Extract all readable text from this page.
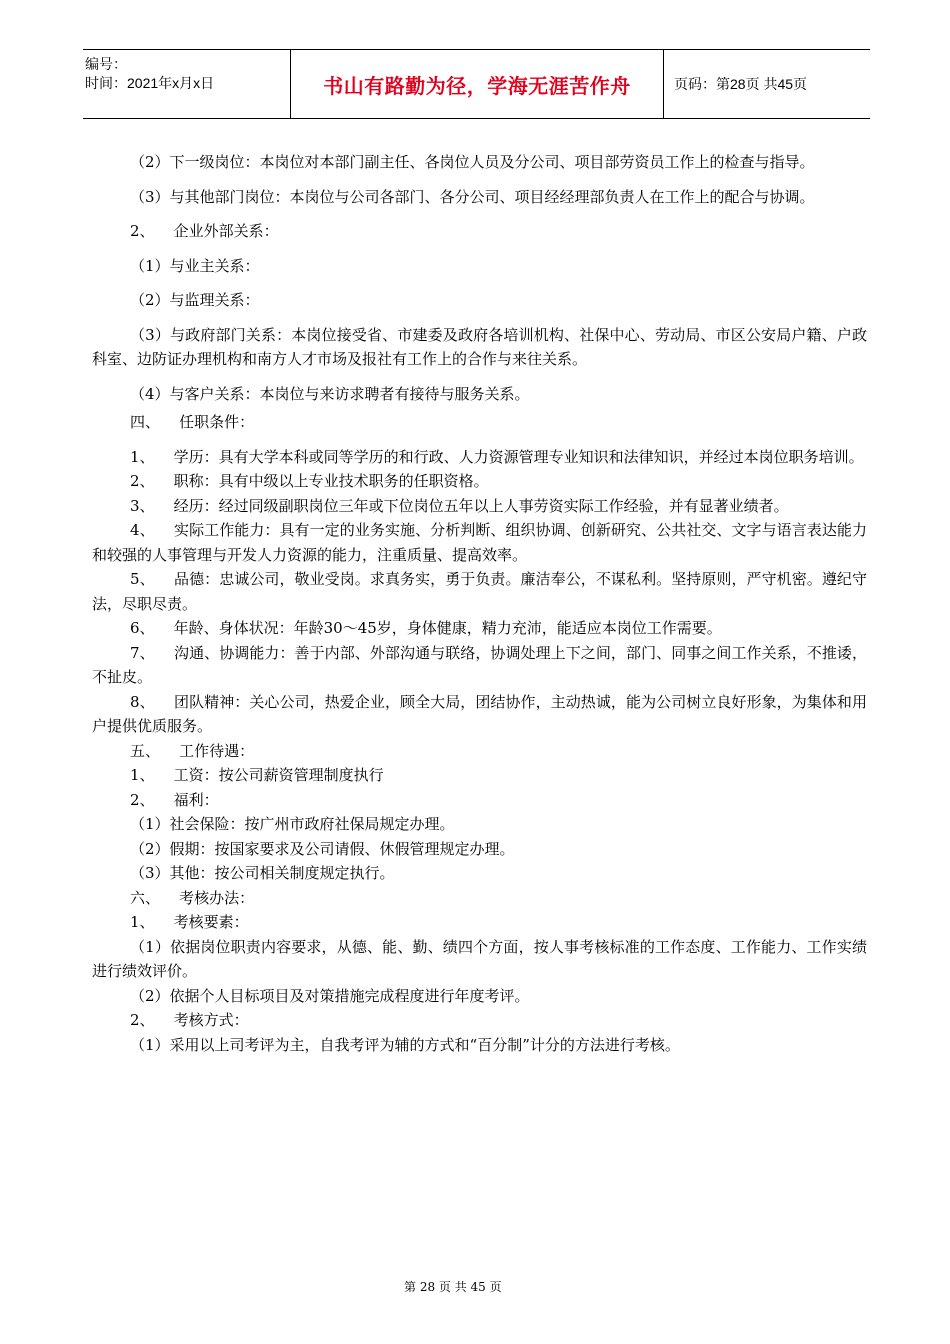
编号：
时间：2021年x月x日	书山有路勤为径，学海无涯苦作舟	页码：第28页 共45页

（2）下一级岗位：本岗位对本部门副主任、各岗位人员及分公司、项目部劳资员工作上的检查与指导。

（3）与其他部门岗位：本岗位与公司各部门、各分公司、项目经经理部负责人在工作上的配合与协调。

2、    企业外部关系：

（1）与业主关系：

（2）与监理关系：

（3）与政府部门关系：本岗位接受省、市建委及政府各培训机构、社保中心、劳动局、市区公安局户籍、户政科室、边防证办理机构和南方人才市场及报社有工作上的合作与来往关系。

（4）与客户关系：本岗位与来访求聘者有接待与服务关系。

四、    任职条件：

1、    学历：具有大学本科或同等学历的和行政、人力资源管理专业知识和法律知识，并经过本岗位职务培训。

2、    职称：具有中级以上专业技术职务的任职资格。

3、    经历：经过同级副职岗位三年或下位岗位五年以上人事劳资实际工作经验，并有显著业绩者。

4、    实际工作能力：具有一定的业务实施、分析判断、组织协调、创新研究、公共社交、文字与语言表达能力和较强的人事管理与开发人力资源的能力，注重质量、提高效率。

5、    品德：忠诚公司，敬业受岗。求真务实，勇于负责。廉洁奉公，不谋私利。坚持原则，严守机密。遵纪守法，尽职尽责。

6、    年龄、身体状况：年龄30～45岁，身体健康，精力充沛，能适应本岗位工作需要。

7、    沟通、协调能力：善于内部、外部沟通与联络，协调处理上下之间，部门、同事之间工作关系，不推诿，不扯皮。

8、    团队精神：关心公司，热爱企业，顾全大局，团结协作，主动热诚，能为公司树立良好形象，为集体和用户提供优质服务。

五、    工作待遇：

1、    工资：按公司薪资管理制度执行

2、    福利：

（1）社会保险：按广州市政府社保局规定办理。

（2）假期：按国家要求及公司请假、休假管理规定办理。

（3）其他：按公司相关制度规定执行。

六、    考核办法：

1、    考核要素：

（1）依据岗位职责内容要求，从德、能、勤、绩四个方面，按人事考核标准的工作态度、工作能力、工作实绩进行绩效评价。

（2）依据个人目标项目及对策措施完成程度进行年度考评。

2、    考核方式：

（1）采用以上司考评为主，自我考评为辅的方式和“百分制”计分的方法进行考核。

第 28 页 共 45 页
